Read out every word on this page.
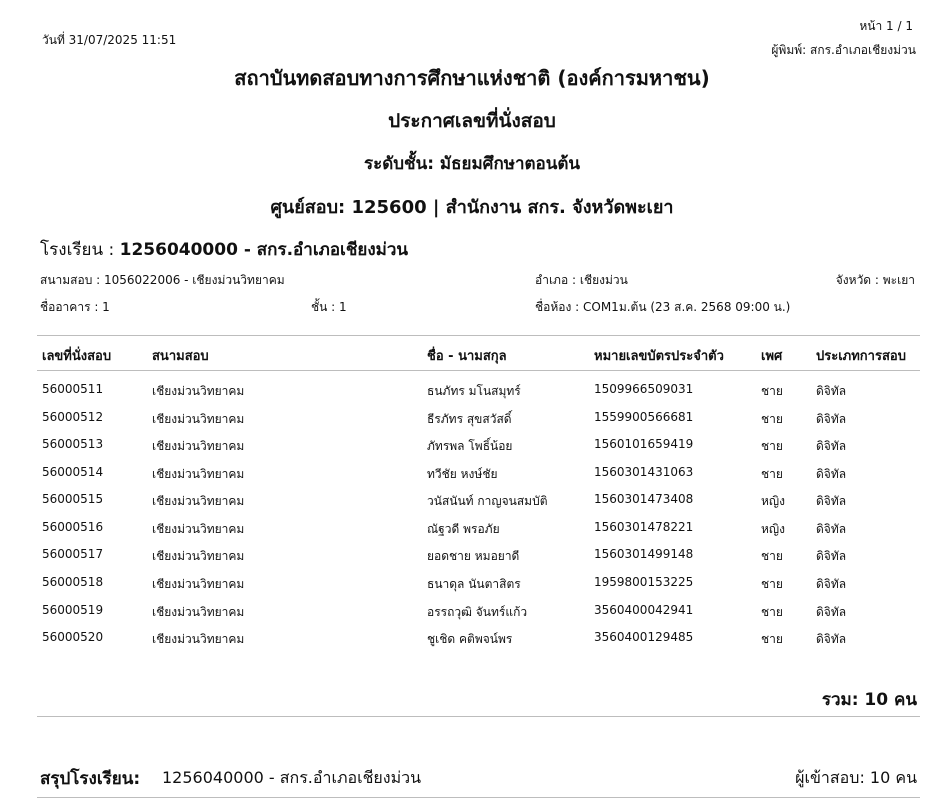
วันที่ 31/07/2025 11:51
หน้า 1 / 1
ผู้พิมพ์: สกร.อำเภอเชียงม่วน
สถาบันทดสอบทางการศึกษาแห่งชาติ (องค์การมหาชน)
ประกาศเลขที่นั่งสอบ
ระดับชั้น: มัธยมศึกษาตอนต้น
ศูนย์สอบ: 125600 | สำนักงาน สกร. จังหวัดพะเยา
โรงเรียน : 1256040000 - สกร.อำเภอเชียงม่วน
สนามสอบ : 1056022006 - เชียงม่วนวิทยาคม	อำเภอ : เชียงม่วน	จังหวัด : พะเยา
ชื่ออาคาร : 1	ชั้น : 1	ชื่อห้อง : COM1ม.ต้น (23 ส.ค. 2568 09:00 น.)
เลขที่นั่งสอบ	สนามสอบ	ชื่อ - นามสกุล	หมายเลขบัตรประจำตัว	เพศ	ประเภทการสอบ
56000511	เชียงม่วนวิทยาคม	ธนภัทร มโนสมุทร์	1509966509031	ชาย	ดิจิทัล
56000512	เชียงม่วนวิทยาคม	ธีรภัทร สุขสวัสดิ์	1559900566681	ชาย	ดิจิทัล
56000513	เชียงม่วนวิทยาคม	ภัทรพล โพธิ์น้อย	1560101659419	ชาย	ดิจิทัล
56000514	เชียงม่วนวิทยาคม	ทวีชัย หงษ์ชัย	1560301431063	ชาย	ดิจิทัล
56000515	เชียงม่วนวิทยาคม	วนัสนันท์ กาญจนสมบัติ	1560301473408	หญิง	ดิจิทัล
56000516	เชียงม่วนวิทยาคม	ณัฐวดี พรอภัย	1560301478221	หญิง	ดิจิทัล
56000517	เชียงม่วนวิทยาคม	ยอดชาย หมอยาดี	1560301499148	ชาย	ดิจิทัล
56000518	เชียงม่วนวิทยาคม	ธนาดุล นันตาสิตร	1959800153225	ชาย	ดิจิทัล
56000519	เชียงม่วนวิทยาคม	อรรถวุฒิ จันทร์แก้ว	3560400042941	ชาย	ดิจิทัล
56000520	เชียงม่วนวิทยาคม	ชูเชิด คติพจน์พร	3560400129485	ชาย	ดิจิทัล
รวม: 10 คน
สรุปโรงเรียน: 1256040000 - สกร.อำเภอเชียงม่วน	ผู้เข้าสอบ: 10 คน
